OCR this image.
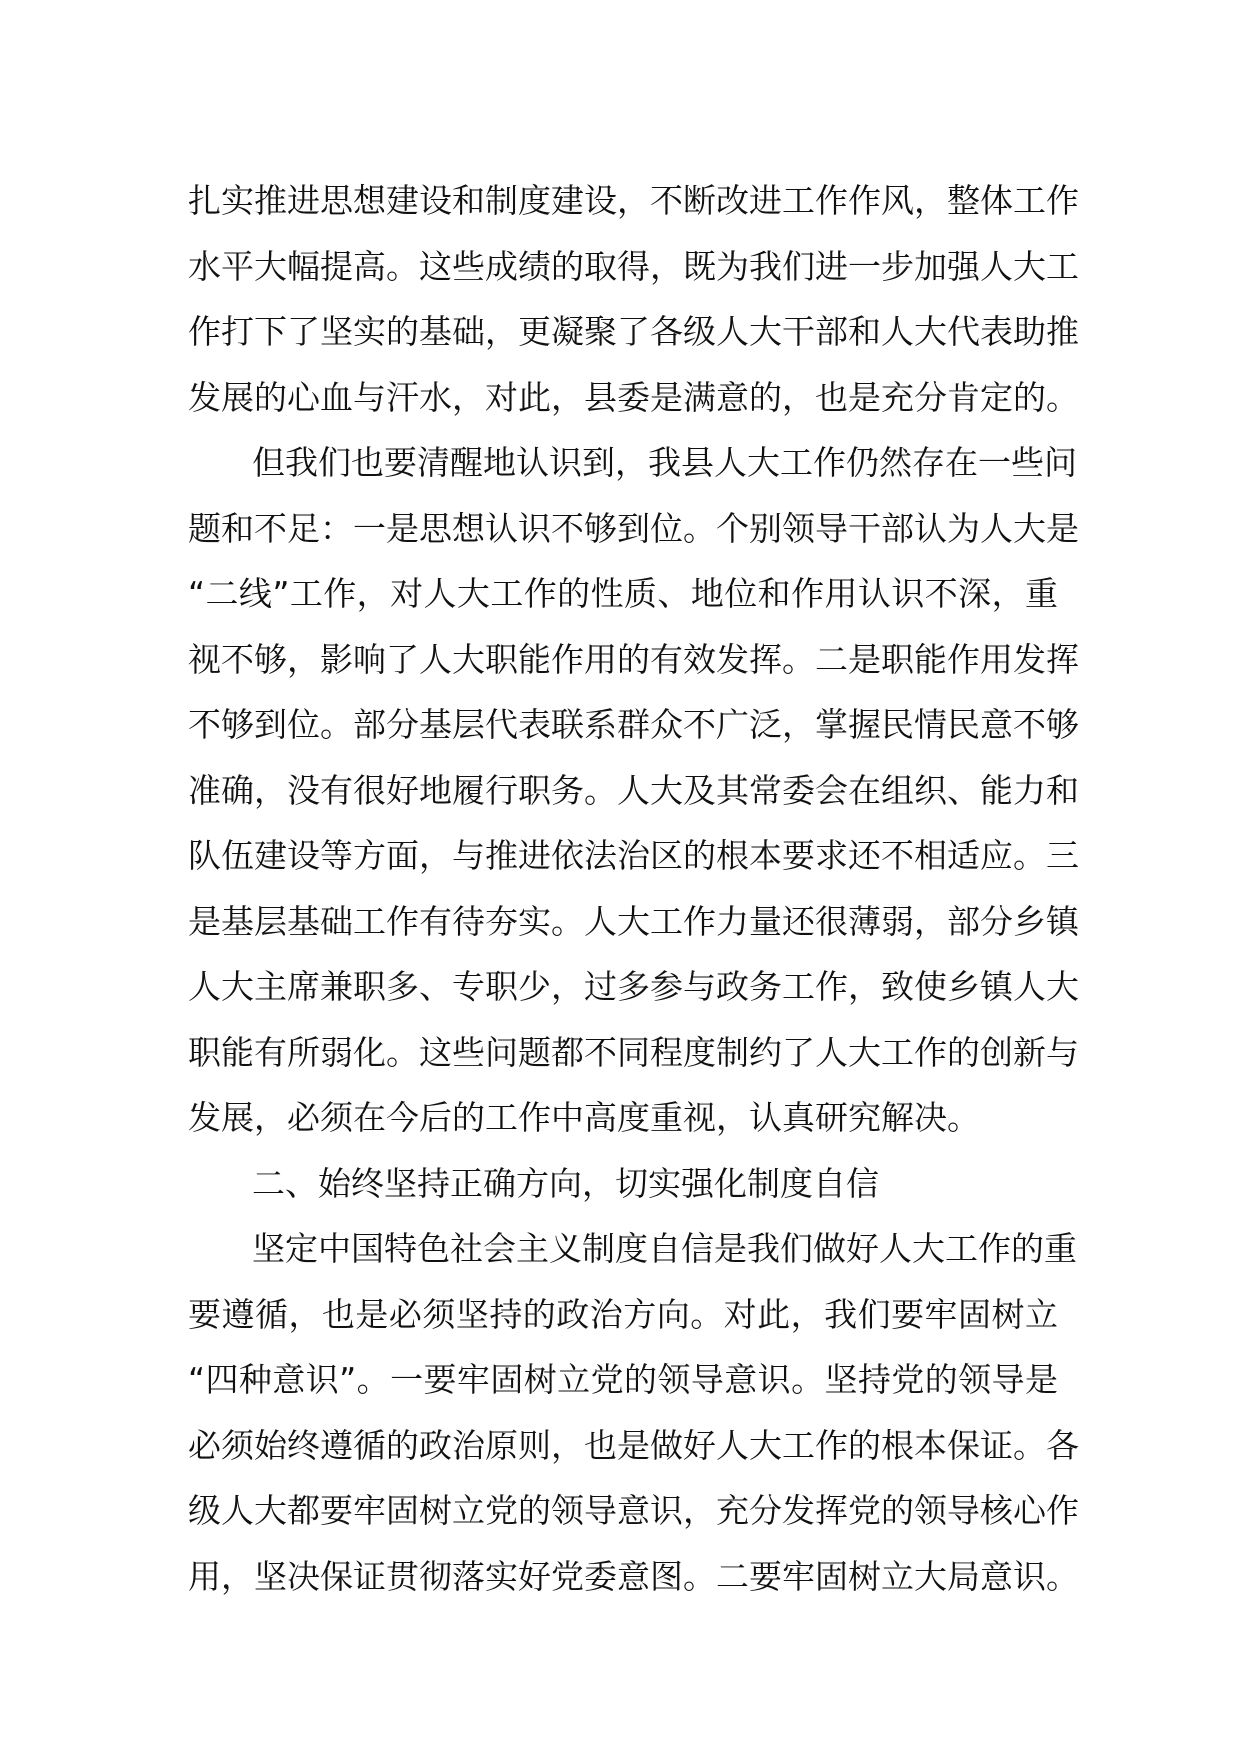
扎实推进思想建设和制度建设，不断改进工作作风，整体工作
水平大幅提高。这些成绩的取得，既为我们进一步加强人大工
作打下了坚实的基础，更凝聚了各级人大干部和人大代表助推
发展的心血与汗水，对此，县委是满意的，也是充分肯定的。
但我们也要清醒地认识到，我县人大工作仍然存在一些问
题和不足：一是思想认识不够到位。个别领导干部认为人大是
“二线”工作，对人大工作的性质、地位和作用认识不深，重
视不够，影响了人大职能作用的有效发挥。二是职能作用发挥
不够到位。部分基层代表联系群众不广泛，掌握民情民意不够
准确，没有很好地履行职务。人大及其常委会在组织、能力和
队伍建设等方面，与推进依法治区的根本要求还不相适应。三
是基层基础工作有待夯实。人大工作力量还很薄弱，部分乡镇
人大主席兼职多、专职少，过多参与政务工作，致使乡镇人大
职能有所弱化。这些问题都不同程度制约了人大工作的创新与
发展，必须在今后的工作中高度重视，认真研究解决。
二、始终坚持正确方向，切实强化制度自信
坚定中国特色社会主义制度自信是我们做好人大工作的重
要遵循，也是必须坚持的政治方向。对此，我们要牢固树立
“四种意识”。一要牢固树立党的领导意识。坚持党的领导是
必须始终遵循的政治原则，也是做好人大工作的根本保证。各
级人大都要牢固树立党的领导意识，充分发挥党的领导核心作
用，坚决保证贯彻落实好党委意图。二要牢固树立大局意识。
